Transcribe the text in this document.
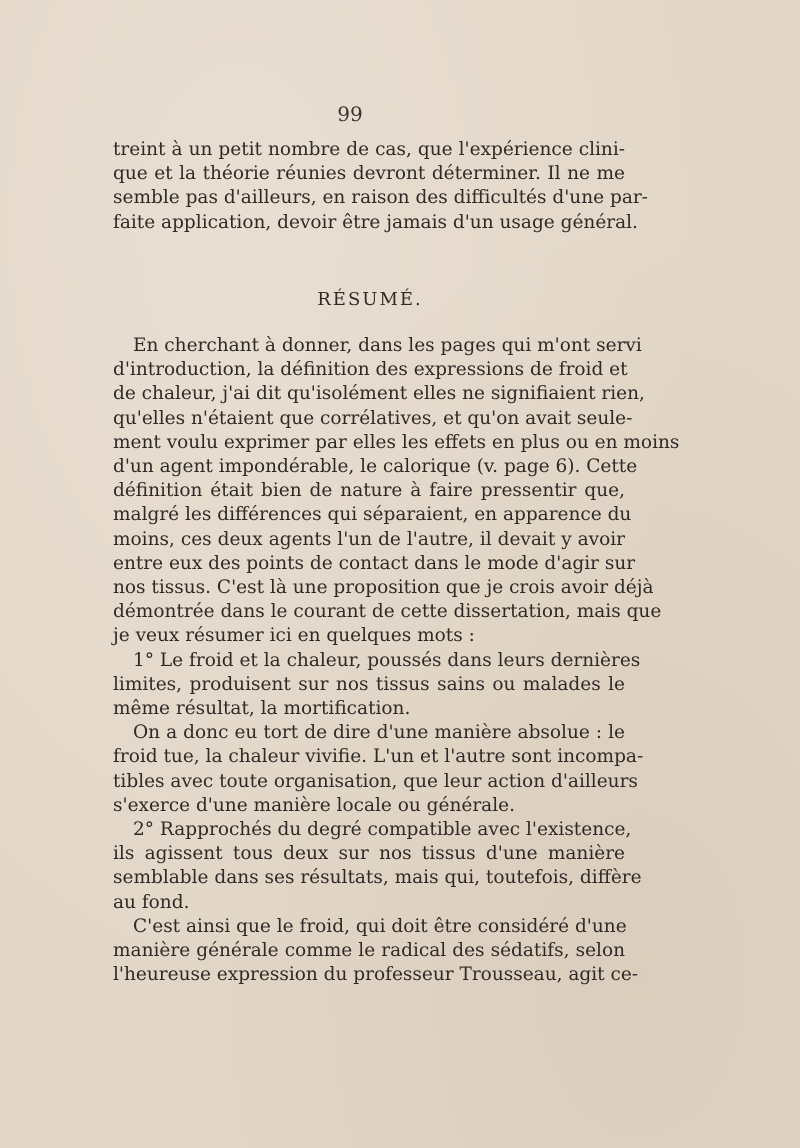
99
treint à un petit nombre de cas, que l'expérience clini-
que et la théorie réunies devront déterminer. Il ne me
semble pas d'ailleurs, en raison des difficultés d'une par-
faite application, devoir être jamais d'un usage général.
RÉSUMÉ.
En cherchant à donner, dans les pages qui m'ont servi
d'introduction, la définition des expressions de froid et
de chaleur, j'ai dit qu'isolément elles ne signifiaient rien,
qu'elles n'étaient que corrélatives, et qu'on avait seule-
ment voulu exprimer par elles les effets en plus ou en moins
d'un agent impondérable, le calorique (v. page 6). Cette
définition était bien de nature à faire pressentir que,
malgré les différences qui séparaient, en apparence du
moins, ces deux agents l'un de l'autre, il devait y avoir
entre eux des points de contact dans le mode d'agir sur
nos tissus. C'est là une proposition que je crois avoir déjà
démontrée dans le courant de cette dissertation, mais que
je veux résumer ici en quelques mots :
1° Le froid et la chaleur, poussés dans leurs dernières
limites, produisent sur nos tissus sains ou malades le
même résultat, la mortification.
On a donc eu tort de dire d'une manière absolue : le
froid tue, la chaleur vivifie. L'un et l'autre sont incompa-
tibles avec toute organisation, que leur action d'ailleurs
s'exerce d'une manière locale ou générale.
2° Rapprochés du degré compatible avec l'existence,
ils agissent tous deux sur nos tissus d'une manière
semblable dans ses résultats, mais qui, toutefois, diffère
au fond.
C'est ainsi que le froid, qui doit être considéré d'une
manière générale comme le radical des sédatifs, selon
l'heureuse expression du professeur Trousseau, agit ce-
